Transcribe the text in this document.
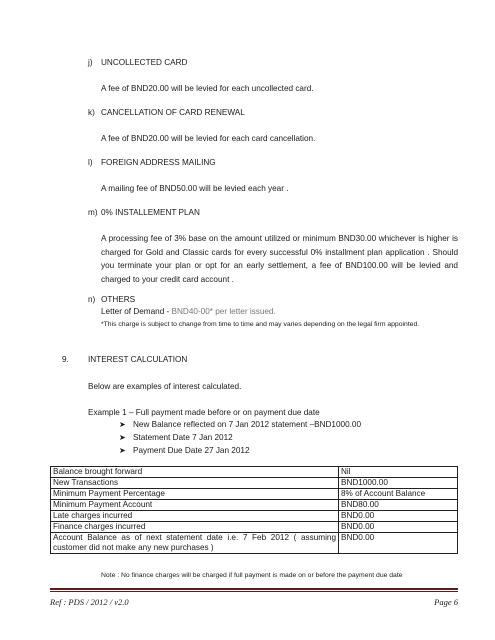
j) UNCOLLECTED CARD
A fee of BND20.00 will be levied for each uncollected card.
k) CANCELLATION OF CARD RENEWAL
A fee of BND20.00 will be levied for each card cancellation.
l) FOREIGN ADDRESS MAILING
A mailing fee of BND50.00 will be levied each year .
m) 0% INSTALLEMENT PLAN
A processing fee of 3% base on the amount utilized or minimum BND30.00 whichever is higher is charged for Gold and Classic cards for every successful 0% installment plan application . Should you terminate your plan or opt for an early settlement, a fee of BND100.00 will be levied and charged to your credit card account .
n) OTHERS
Letter of Demand - BND40-00* per letter issued.
*This charge is subject to change from time to time and may varies depending on the legal firm appointed.
9. INTEREST CALCULATION
Below are examples of interest calculated.
Example 1 – Full payment made before or on payment due date
➤ New Balance reflected on 7 Jan 2012 statement –BND1000.00
➤ Statement Date 7 Jan 2012
➤ Payment Due Date 27 Jan 2012
Balance brought forward	Nil
New Transactions	BND1000.00
Minimum Payment Percentage	8% of Account Balance
Minimum Payment Account	BND80.00
Late charges incurred	BND0.00
Finance charges incurred	BND0.00
Account Balance as of next statement date i.e. 7 Feb 2012 ( assuming customer did not make any new purchases )	BND0.00
Note : No finance charges will be charged if full payment is made on or before the payment due date
Ref : PDS / 2012 / v2.0	Page 6
